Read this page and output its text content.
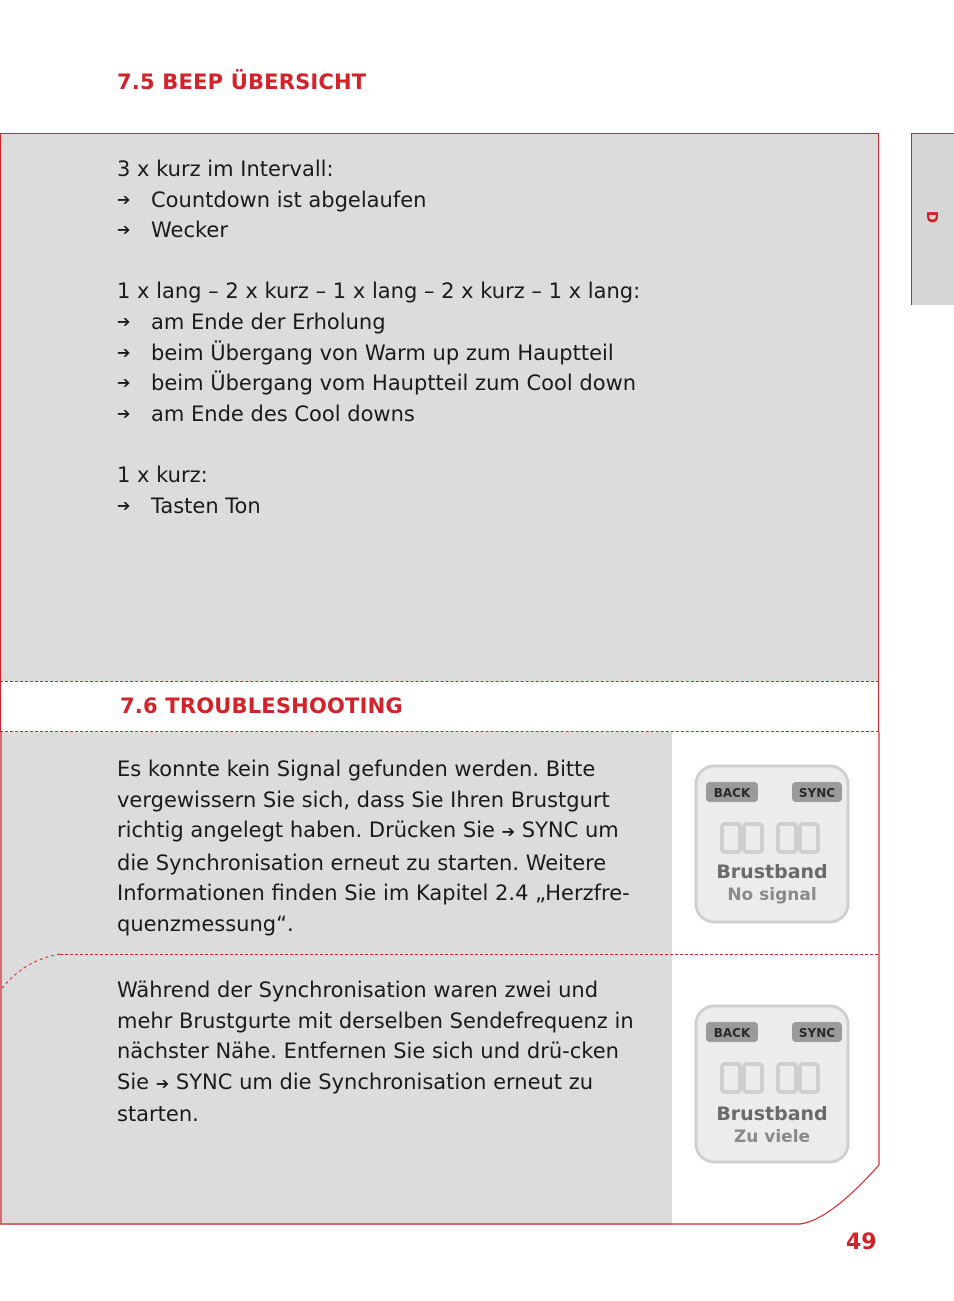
7.5 BEEP ÜBERSICHT
D

3 x kurz im Intervall:

➔ Countdown ist abgelaufen
➔ Wecker

1 x lang – 2 x kurz – 1 x lang – 2 x kurz – 1 x lang:

➔ am Ende der Erholung
➔ beim Übergang von Warm up zum Hauptteil
➔ beim Übergang vom Hauptteil zum Cool down
➔ am Ende des Cool downs

1 x kurz:

➔ Tasten Ton
7.6 TROUBLESHOOTING

Es konnte kein Signal gefunden werden. Bitte vergewissern Sie sich, dass Sie Ihren Brustgurt richtig angelegt haben. Drücken Sie ➔ SYNC um die Synchronisation erneut zu starten. Weitere Informationen finden Sie im Kapitel 2.4 „Herzfre-quenzmessung“.

Während der Synchronisation waren zwei und mehr Brustgurte mit derselben Sendefrequenz in nächster Nähe. Entfernen Sie sich und drü-cken Sie ➔ SYNC um die Synchronisation erneut zu starten.

BACK	SYNC
Brustband
No signal
BACK	SYNC
Brustband
Zu viele
49
